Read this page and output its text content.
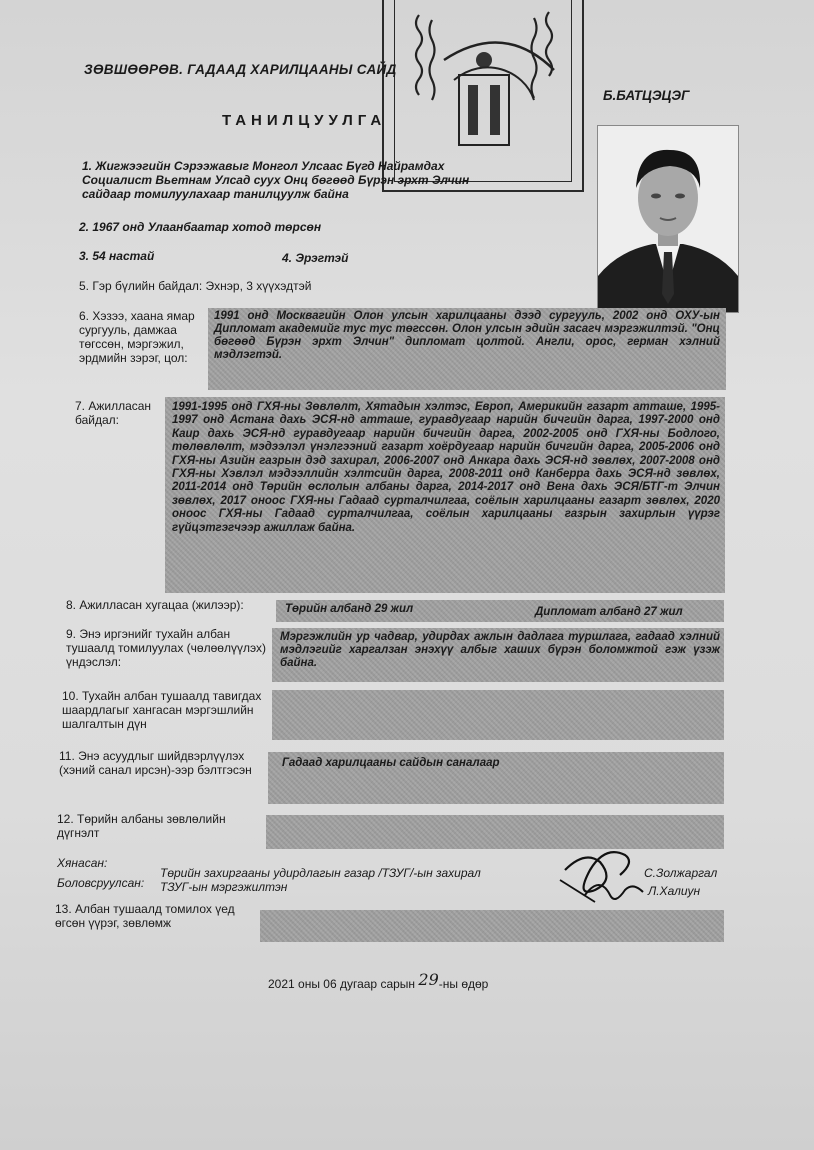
ЗӨВШӨӨРӨВ. ГАДААД ХАРИЛЦААНЫ САЙД
Б.БАТЦЭЦЭГ
ТАНИЛЦУУЛГА
1. Жигжээгийн Сэрээжавыг Монгол Улсаас Бүгд Найрамдах Социалист Вьетнам Улсад суух Онц бөгөөд Бүрэн эрхт Элчин сайдаар томилуулахаар танилцуулж байна
2. 1967 онд Улаанбаатар хотод төрсөн
3. 54 настай	4. Эрэгтэй
5. Гэр бүлийн байдал: Эхнэр, 3 хүүхэдтэй
6. Хэзээ, хаана ямар сургууль, дамжаа төгссөн, мэргэжил, эрдмийн зэрэг, цол:
1991 онд Москвагийн Олон улсын харилцааны дээд сургууль, 2002 онд ОХУ-ын Дипломат академийг тус тус төгссөн. Олон улсын эдийн засагч мэргэжилтэй. "Онц бөгөөд Бүрэн эрхт Элчин" дипломат цолтой. Англи, орос, герман хэлний мэдлэгтэй.
7. Ажилласан байдал:
1991-1995 онд ГХЯ-ны Зөвлөлт, Хятадын хэлтэс, Европ, Америкийн газарт атташе, 1995-1997 онд Астана дахь ЭСЯ-нд атташе, гуравдугаар нарийн бичгийн дарга, 1997-2000 онд Каир дахь ЭСЯ-нд гуравдугаар нарийн бичгийн дарга, 2002-2005 онд ГХЯ-ны Бодлого, төлөвлөлт, мэдээлэл үнэлгээний газарт хоёрдугаар нарийн бичгийн дарга, 2005-2006 онд ГХЯ-ны Азийн газрын дэд захирал, 2006-2007 онд Анкара дахь ЭСЯ-нд зөвлөх, 2007-2008 онд ГХЯ-ны Хэвлэл мэдээллийн хэлтсийн дарга, 2008-2011 онд Канберра дахь ЭСЯ-нд зөвлөх, 2011-2014 онд Төрийн өслолын албаны дарга, 2014-2017 онд Вена дахь ЭСЯ/БТГ-т Элчин зөвлөх, 2017 оноос ГХЯ-ны Гадаад сурталчилгаа, соёлын харилцааны газарт зөвлөх, 2020 оноос ГХЯ-ны Гадаад сурталчилгаа, соёлын харилцааны газрын захирлын үүрэг гүйцэтгэгчээр ажиллаж байна.
8. Ажилласан хугацаа (жилээр):	Төрийн албанд 29 жил	Дипломат албанд 27 жил
9. Энэ иргэнийг тухайн албан тушаалд томилуулах (чөлөөлүүлэх) үндэслэл:
Мэргэжлийн ур чадвар, удирдах ажлын дадлага туршлага, гадаад хэлний мэдлэгийг харгалзан энэхүү албыг хаших бүрэн боломжтой гэж үзэж байна.
10. Тухайн албан тушаалд тавигдах шаардлагыг хангасан мэргэшлийн шалгалтын дүн
11. Энэ асуудлыг шийдвэрлүүлэх (хэний санал ирсэн)-ээр бэлтгэсэн	Гадаад харилцааны сайдын саналаар
12. Төрийн албаны зөвлөлийн дүгнэлт
Хянасан:
Төрийн захиргааны удирдлагын газар /ТЗУГ/-ын захирал	С.Золжаргал
Боловсруулсан: ТЗУГ-ын мэргэжилтэн	Л.Халиун
13. Албан тушаалд томилох үед өгсөн үүрэг, зөвлөмж
2021 оны 06 дугаар сарын 29-ны өдөр
